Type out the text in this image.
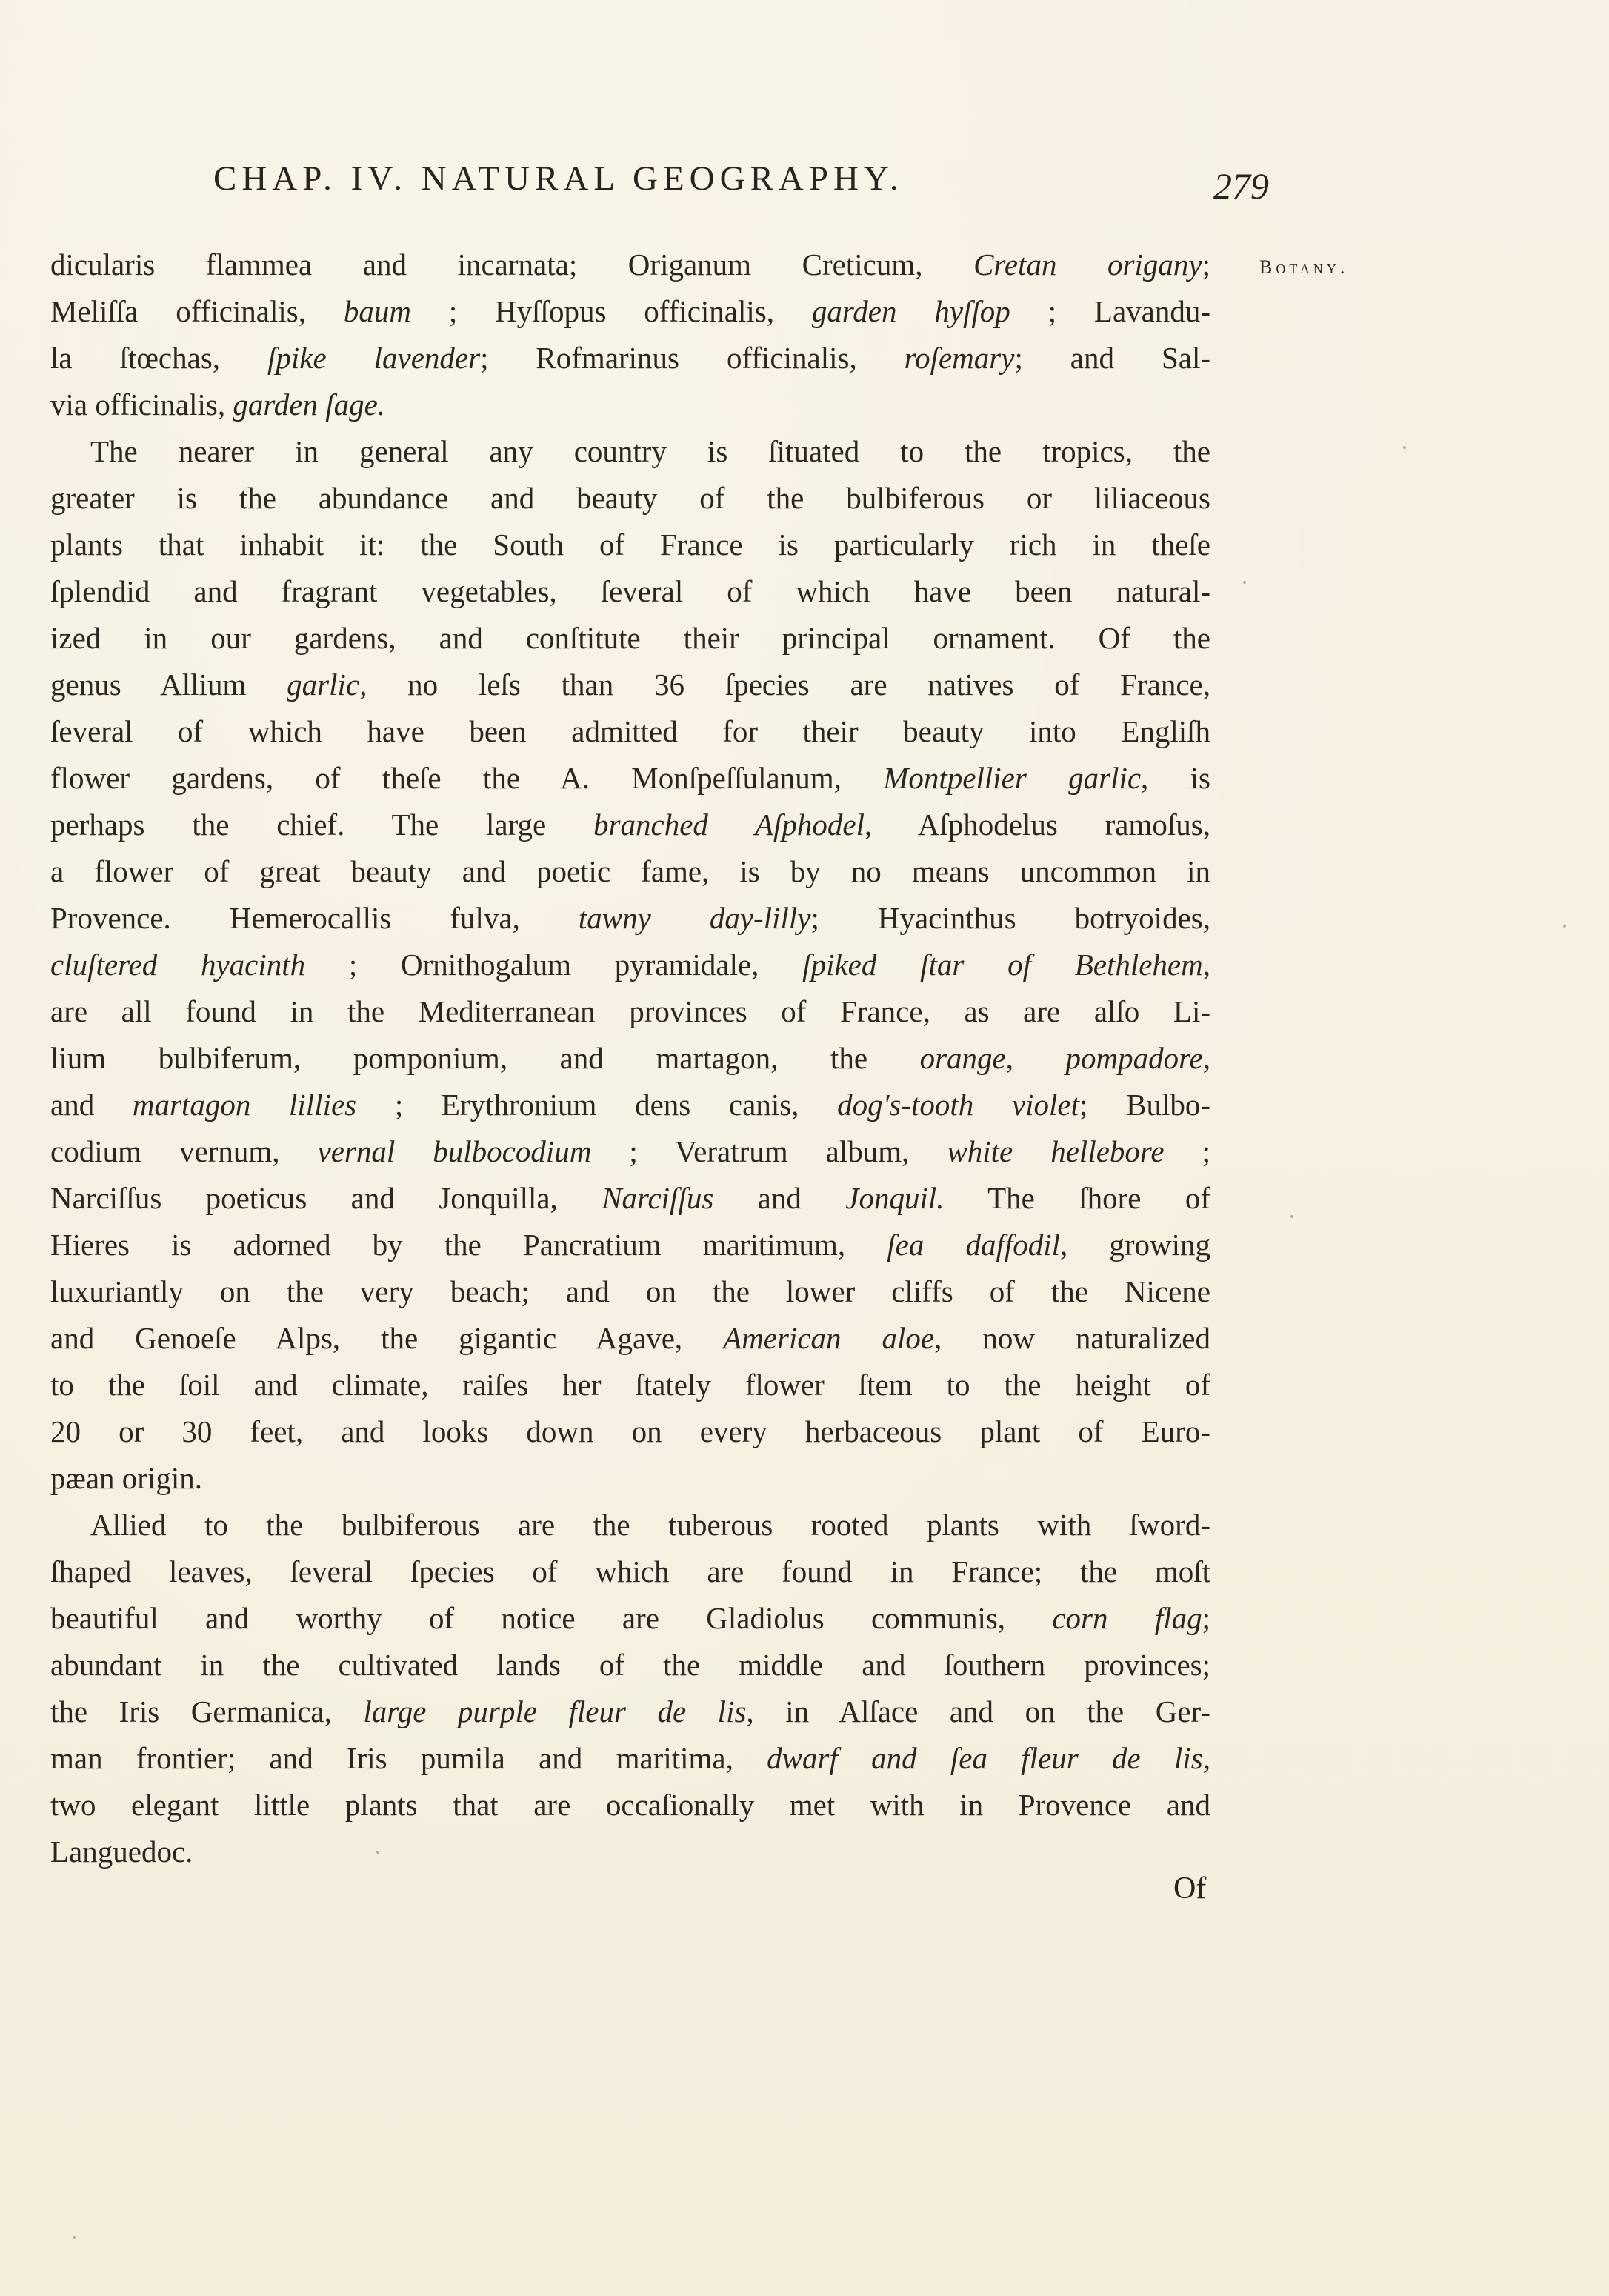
CHAP. IV. NATURAL GEOGRAPHY.	279
Botany.
dicularis flammea and incarnata; Origanum Creticum, Cretan origany;
Meliſſa officinalis, baum ; Hyſſopus officinalis, garden hyſſop ; Lavandu-
la ſtœchas, ſpike lavender; Rofmarinus officinalis, roſemary; and Sal-
via officinalis, garden ſage.
The nearer in general any country is ſituated to the tropics, the
greater is the abundance and beauty of the bulbiferous or liliaceous
plants that inhabit it: the South of France is particularly rich in theſe
ſplendid and fragrant vegetables, ſeveral of which have been natural-
ized in our gardens, and conſtitute their principal ornament. Of the
genus Allium garlic, no leſs than 36 ſpecies are natives of France,
ſeveral of which have been admitted for their beauty into Engliſh
flower gardens, of theſe the A. Monſpeſſulanum, Montpellier garlic, is
perhaps the chief. The large branched Aſphodel, Aſphodelus ramoſus,
a flower of great beauty and poetic fame, is by no means uncommon in
Provence. Hemerocallis fulva, tawny day-lilly; Hyacinthus botryoides,
cluſtered hyacinth ; Ornithogalum pyramidale, ſpiked ſtar of Bethlehem,
are all found in the Mediterranean provinces of France, as are alſo Li-
lium bulbiferum, pomponium, and martagon, the orange, pompadore,
and martagon lillies ; Erythronium dens canis, dog's-tooth violet; Bulbo-
codium vernum, vernal bulbocodium ; Veratrum album, white hellebore ;
Narciſſus poeticus and Jonquilla, Narciſſus and Jonquil. The ſhore of
Hieres is adorned by the Pancratium maritimum, ſea daffodil, growing
luxuriantly on the very beach; and on the lower cliffs of the Nicene
and Genoeſe Alps, the gigantic Agave, American aloe, now naturalized
to the ſoil and climate, raiſes her ſtately flower ſtem to the height of
20 or 30 feet, and looks down on every herbaceous plant of Euro-
pæan origin.
Allied to the bulbiferous are the tuberous rooted plants with ſword-
ſhaped leaves, ſeveral ſpecies of which are found in France; the moſt
beautiful and worthy of notice are Gladiolus communis, corn flag;
abundant in the cultivated lands of the middle and ſouthern provinces;
the Iris Germanica, large purple fleur de lis, in Alſace and on the Ger-
man frontier; and Iris pumila and maritima, dwarf and ſea fleur de lis,
two elegant little plants that are occaſionally met with in Provence and
Languedoc.
Of
